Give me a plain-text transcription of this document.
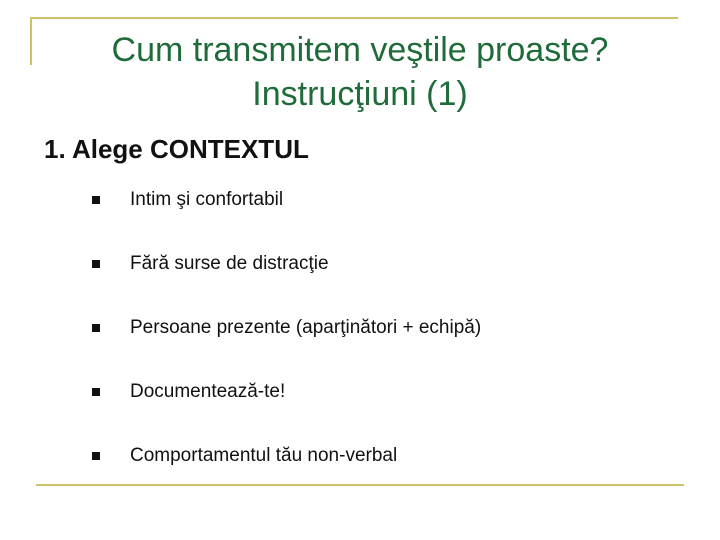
Cum transmitem veştile proaste?
Instrucţiuni (1)
1. Alege CONTEXTUL
Intim şi confortabil
Fără surse de distracţie
Persoane prezente (aparţinători + echipă)
Documentează-te!
Comportamentul tău non-verbal
